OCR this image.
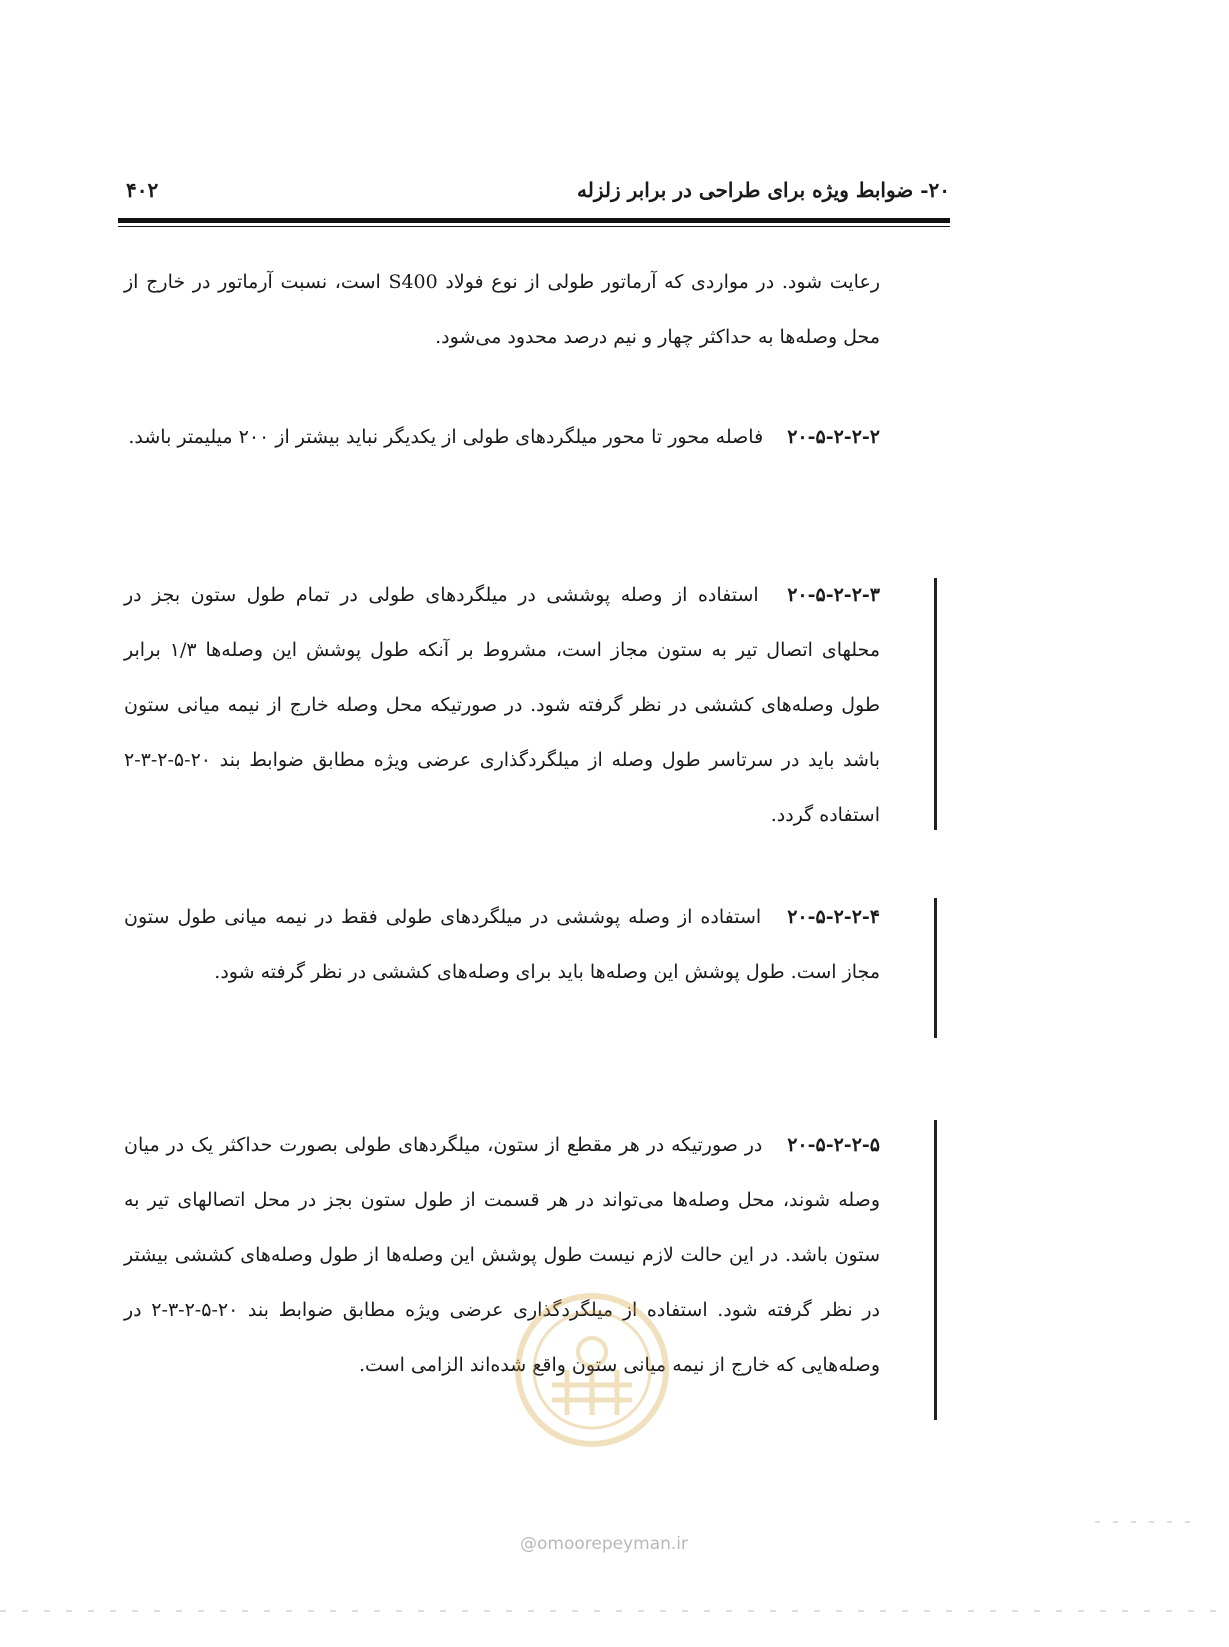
۲۰- ضوابط ویژه برای طراحی در برابر زلزله
۴۰۲
رعایت شود. در مواردی که آرماتور طولی از نوع فولاد S400 است، نسبت آرماتور در خارج از محل وصله‌ها به حداکثر چهار و نیم درصد محدود می‌شود.
۲۰-۵-۲-۲-۲ فاصله محور تا محور میلگردهای طولی از یکدیگر نباید بیشتر از ۲۰۰ میلیمتر باشد.
۲۰-۵-۲-۲-۳ استفاده از وصله پوششی در میلگردهای طولی در تمام طول ستون بجز در محلهای اتصال تیر به ستون مجاز است، مشروط بر آنکه طول پوشش این وصله‌ها ۱/۳ برابر طول وصله‌های کششی در نظر گرفته شود. در صورتیکه محل وصله خارج از نیمه میانی ستون باشد باید در سرتاسر طول وصله از میلگردگذاری عرضی ویژه مطابق ضوابط بند ۲۰-۵-۲-۳-۲ استفاده گردد.
۲۰-۵-۲-۲-۴ استفاده از وصله پوششی در میلگردهای طولی فقط در نیمه میانی طول ستون مجاز است. طول پوشش این وصله‌ها باید برای وصله‌های کششی در نظر گرفته شود.
۲۰-۵-۲-۲-۵ در صورتیکه در هر مقطع از ستون، میلگردهای طولی بصورت حداکثر یک در میان وصله شوند، محل وصله‌ها می‌تواند در هر قسمت از طول ستون بجز در محل اتصالهای تیر به ستون باشد. در این حالت لازم نیست طول پوشش این وصله‌ها از طول وصله‌های کششی بیشتر در نظر گرفته شود. استفاده از میلگردگذاری عرضی ویژه مطابق ضوابط بند ۲۰-۵-۲-۳-۲ در وصله‌هایی که خارج از نیمه میانی ستون واقع شده‌اند الزامی است.
@omoorepeyman.ir
